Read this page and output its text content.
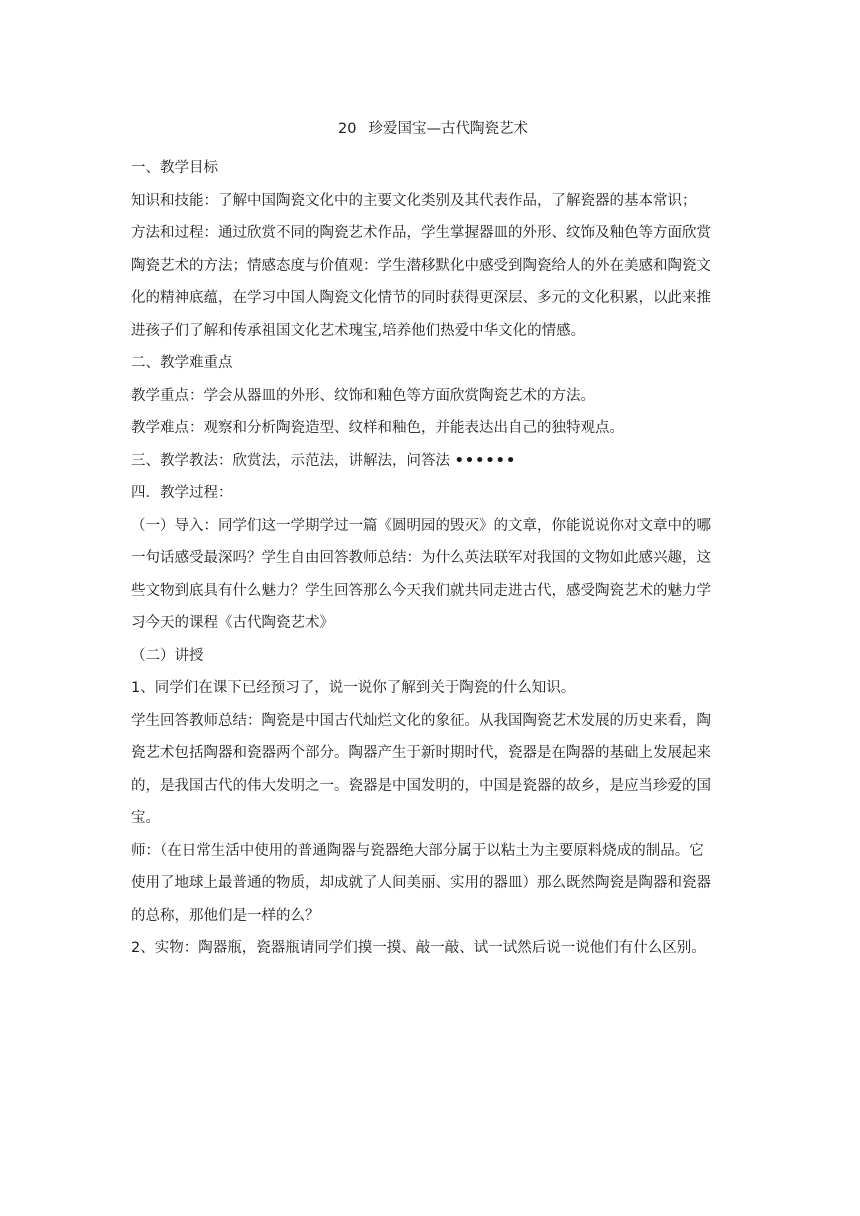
20 珍爱国宝—古代陶瓷艺术

一、教学目标

知识和技能：了解中国陶瓷文化中的主要文化类别及其代表作品，了解瓷器的基本常识；

方法和过程：通过欣赏不同的陶瓷艺术作品，学生掌握器皿的外形、纹饰及釉色等方面欣赏
陶瓷艺术的方法；情感态度与价值观：学生潜移默化中感受到陶瓷给人的外在美感和陶瓷文
化的精神底蕴，在学习中国人陶瓷文化情节的同时获得更深层、多元的文化积累，以此来推
进孩子们了解和传承祖国文化艺术瑰宝,培养他们热爱中华文化的情感。

二、教学难重点

教学重点：学会从器皿的外形、纹饰和釉色等方面欣赏陶瓷艺术的方法。

教学难点：观察和分析陶瓷造型、纹样和釉色，并能表达出自己的独特观点。

三、教学教法：欣赏法，示范法，讲解法，问答法 ••••••

四．教学过程：

（一）导入：同学们这一学期学过一篇《圆明园的毁灭》的文章，你能说说你对文章中的哪
一句话感受最深吗？学生自由回答教师总结：为什么英法联军对我国的文物如此感兴趣，这
些文物到底具有什么魅力？学生回答那么今天我们就共同走进古代，感受陶瓷艺术的魅力学
习今天的课程《古代陶瓷艺术》

（二）讲授

1、同学们在课下已经预习了，说一说你了解到关于陶瓷的什么知识。

学生回答教师总结：陶瓷是中国古代灿烂文化的象征。从我国陶瓷艺术发展的历史来看，陶
瓷艺术包括陶器和瓷器两个部分。陶器产生于新时期时代，瓷器是在陶器的基础上发展起来
的，是我国古代的伟大发明之一。瓷器是中国发明的，中国是瓷器的故乡，是应当珍爱的国
宝。
师：（在日常生活中使用的普通陶器与瓷器绝大部分属于以粘土为主要原料烧成的制品。它
使用了地球上最普通的物质，却成就了人间美丽、实用的器皿）那么既然陶瓷是陶器和瓷器
的总称，那他们是一样的么？

2、实物：陶器瓶，瓷器瓶请同学们摸一摸、敲一敲、试一试然后说一说他们有什么区别。
